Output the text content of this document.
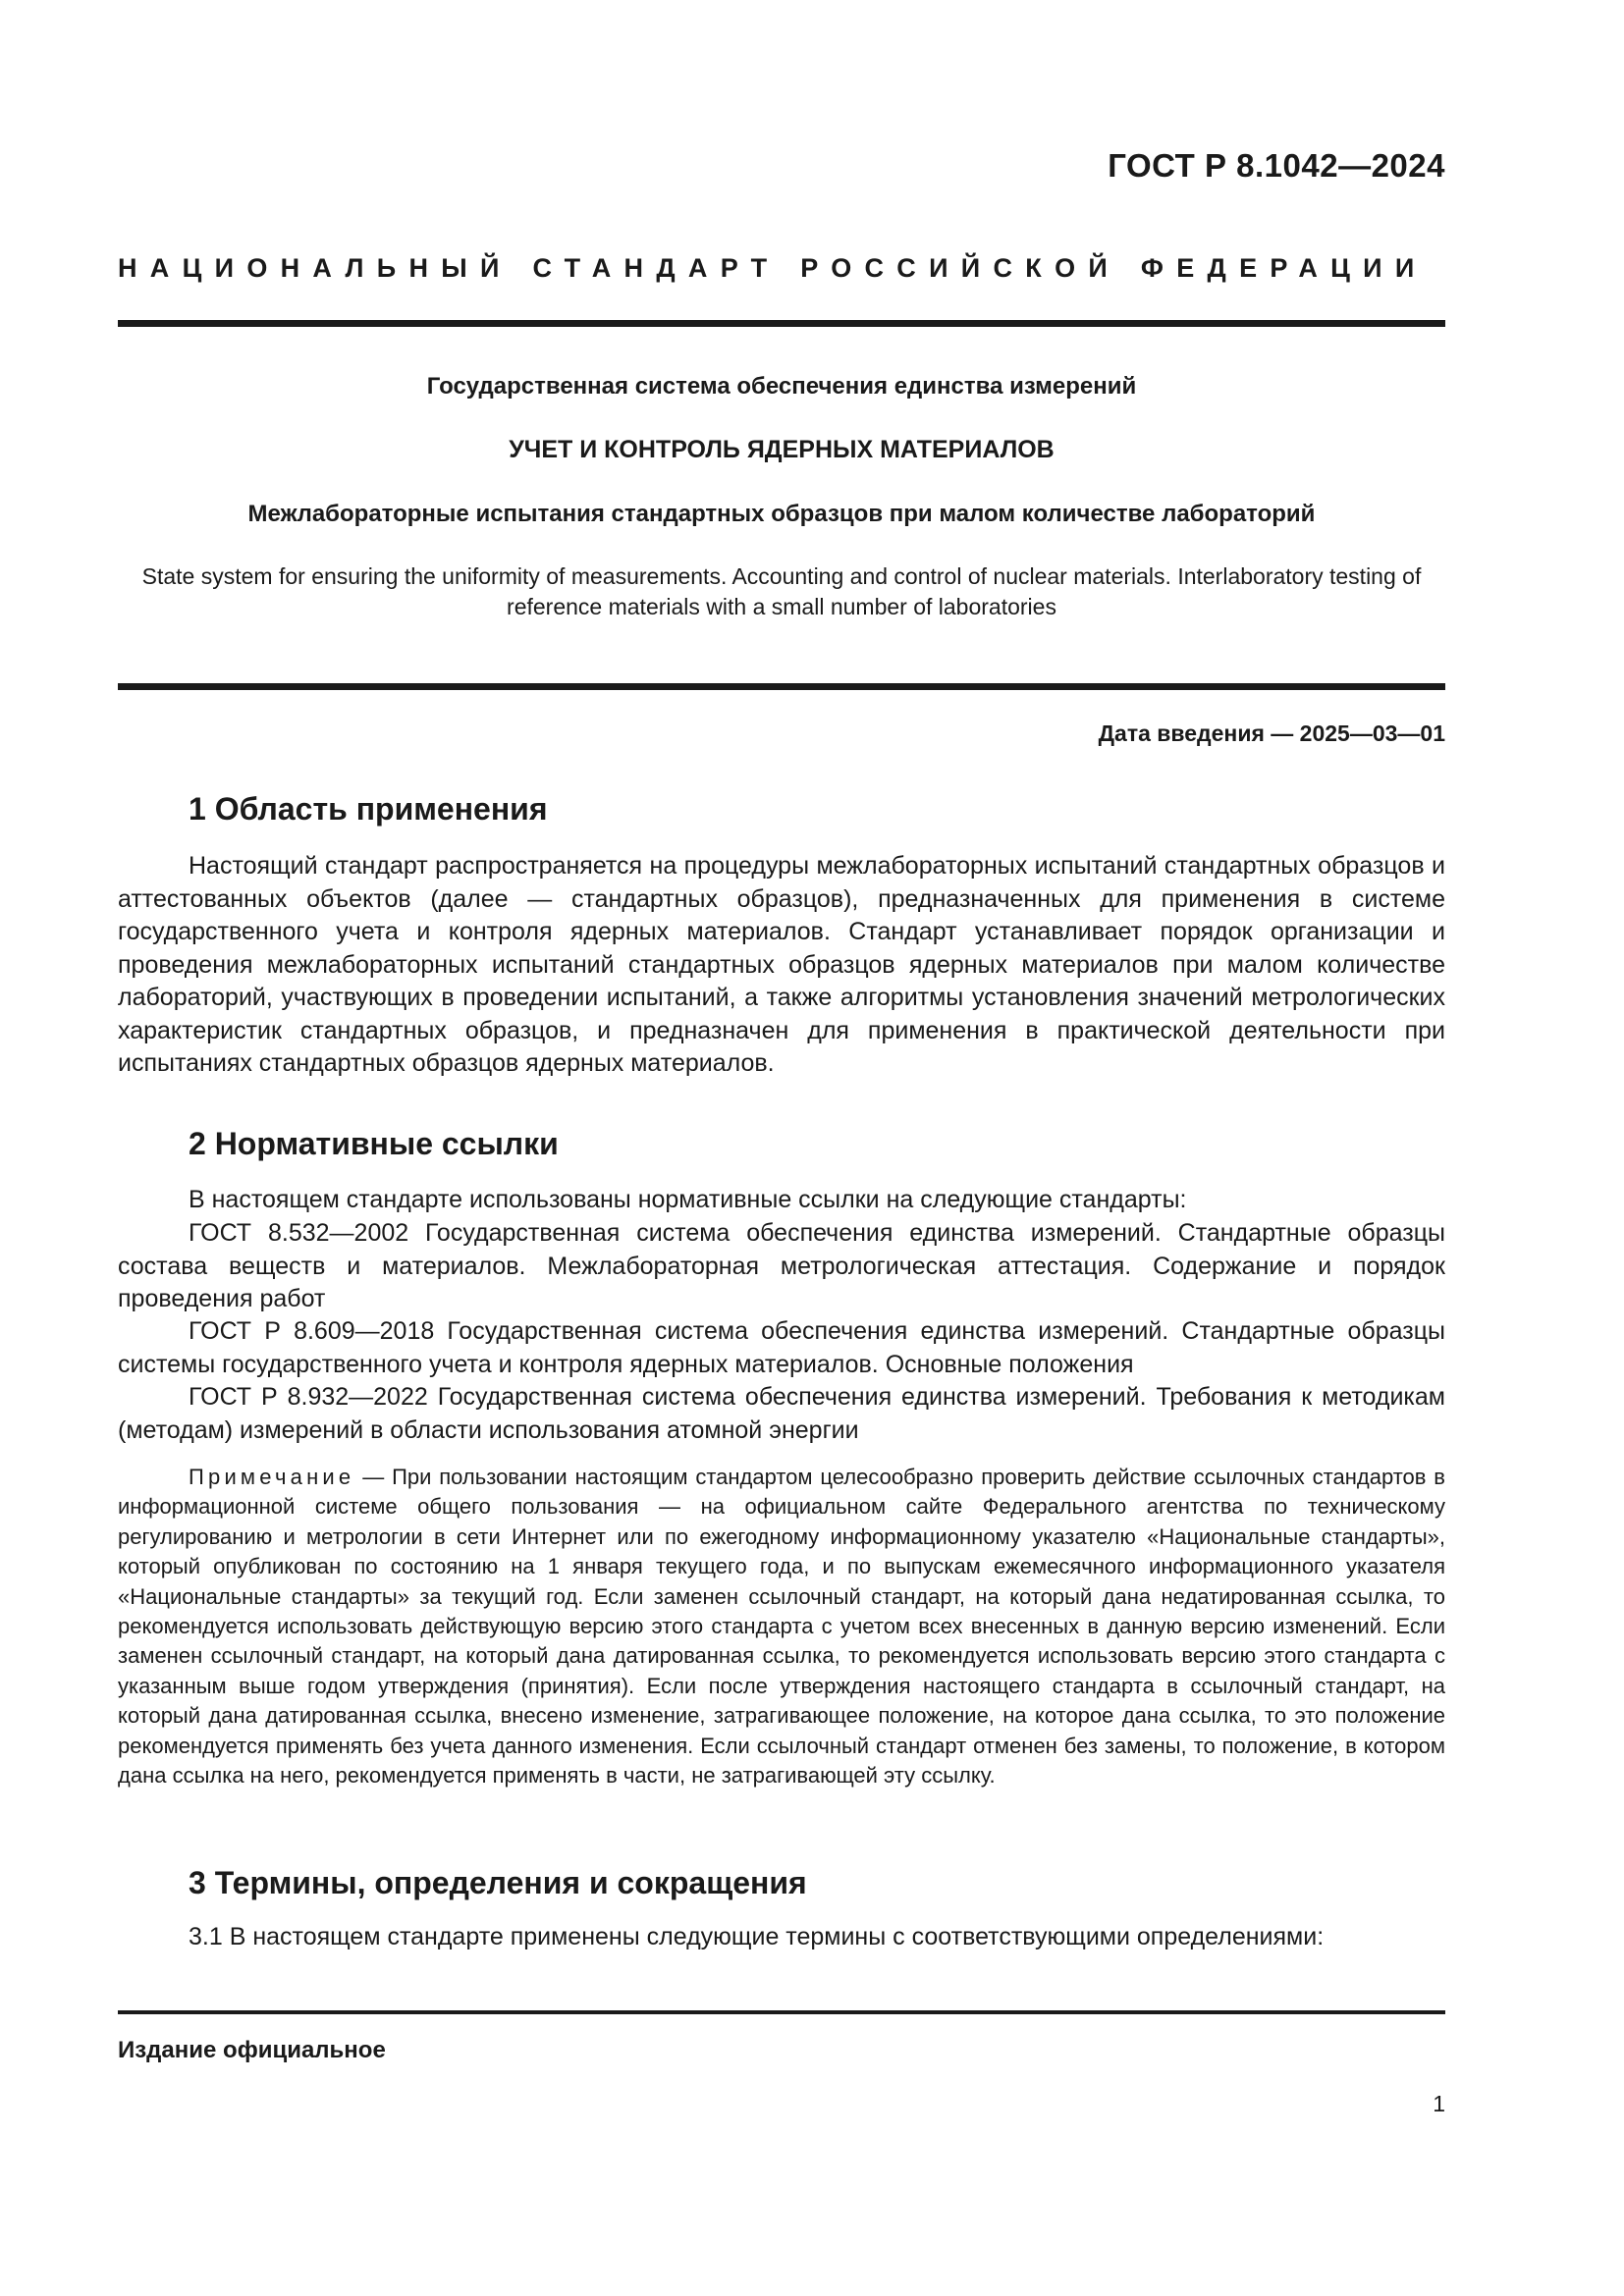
ГОСТ Р 8.1042—2024
НАЦИОНАЛЬНЫЙ СТАНДАРТ РОССИЙСКОЙ ФЕДЕРАЦИИ
Государственная система обеспечения единства измерений
УЧЕТ И КОНТРОЛЬ ЯДЕРНЫХ МАТЕРИАЛОВ
Межлабораторные испытания стандартных образцов при малом количестве лабораторий
State system for ensuring the uniformity of measurements. Accounting and control of nuclear materials. Interlaboratory testing of reference materials with a small number of laboratories
Дата введения — 2025—03—01
1 Область применения

Настоящий стандарт распространяется на процедуры межлабораторных испытаний стандартных образцов и аттестованных объектов (далее — стандартных образцов), предназначенных для применения в системе государственного учета и контроля ядерных материалов. Стандарт устанавливает порядок организации и проведения межлабораторных испытаний стандартных образцов ядерных материалов при малом количестве лабораторий, участвующих в проведении испытаний, а также алгоритмы установления значений метрологических характеристик стандартных образцов, и предназначен для применения в практической деятельности при испытаниях стандартных образцов ядерных материалов.

2 Нормативные ссылки

В настоящем стандарте использованы нормативные ссылки на следующие стандарты:

ГОСТ 8.532—2002 Государственная система обеспечения единства измерений. Стандартные образцы состава веществ и материалов. Межлабораторная метрологическая аттестация. Содержание и порядок проведения работ

ГОСТ Р 8.609—2018 Государственная система обеспечения единства измерений. Стандартные образцы системы государственного учета и контроля ядерных материалов. Основные положения

ГОСТ Р 8.932—2022 Государственная система обеспечения единства измерений. Требования к методикам (методам) измерений в области использования атомной энергии

Примечание — При пользовании настоящим стандартом целесообразно проверить действие ссылочных стандартов в информационной системе общего пользования — на официальном сайте Федерального агентства по техническому регулированию и метрологии в сети Интернет или по ежегодному информационному указателю «Национальные стандарты», который опубликован по состоянию на 1 января текущего года, и по выпускам ежемесячного информационного указателя «Национальные стандарты» за текущий год. Если заменен ссылочный стандарт, на который дана недатированная ссылка, то рекомендуется использовать действующую версию этого стандарта с учетом всех внесенных в данную версию изменений. Если заменен ссылочный стандарт, на который дана датированная ссылка, то рекомендуется использовать версию этого стандарта с указанным выше годом утверждения (принятия). Если после утверждения настоящего стандарта в ссылочный стандарт, на который дана датированная ссылка, внесено изменение, затрагивающее положение, на которое дана ссылка, то это положение рекомендуется применять без учета данного изменения. Если ссылочный стандарт отменен без замены, то положение, в котором дана ссылка на него, рекомендуется применять в части, не затрагивающей эту ссылку.

3 Термины, определения и сокращения

3.1 В настоящем стандарте применены следующие термины с соответствующими определениями:

Издание официальное
1
